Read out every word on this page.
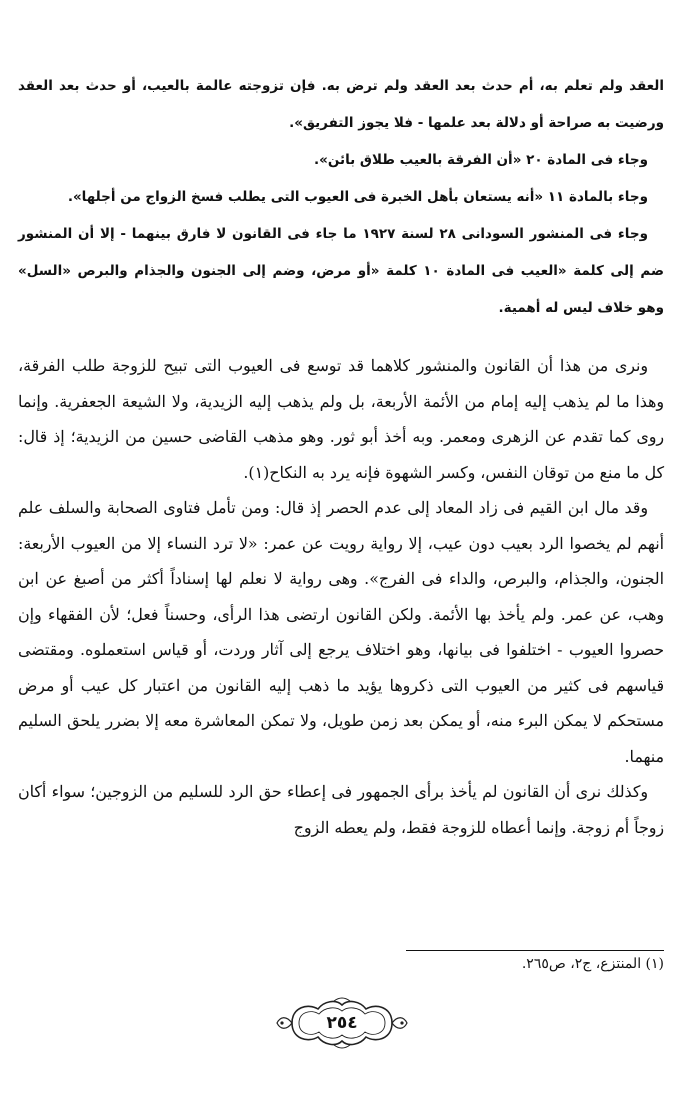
العقد ولم تعلم به، أم حدث بعد العقد ولم ترض به. فإن تزوجته عالمة بالعيب، أو حدث بعد العقد ورضيت به صراحة أو دلالة بعد علمها - فلا يجوز التفريق».

وجاء فى المادة ٢٠ «أن الفرقة بالعيب طلاق بائن».

وجاء بالمادة ١١ «أنه يستعان بأهل الخبرة فى العيوب التى يطلب فسخ الزواج من أجلها».

وجاء فى المنشور السودانى ٢٨ لسنة ١٩٢٧ ما جاء فى القانون لا فارق بينهما - إلا أن المنشور ضم إلى كلمة «العيب فى المادة ١٠ كلمة «أو مرض، وضم إلى الجنون والجذام والبرص «السل» وهو خلاف ليس له أهمية.

ونرى من هذا أن القانون والمنشور كلاهما قد توسع فى العيوب التى تبيح للزوجة طلب الفرقة، وهذا ما لم يذهب إليه إمام من الأئمة الأربعة، بل ولم يذهب إليه الزيدية، ولا الشيعة الجعفرية. وإنما روى كما تقدم عن الزهرى ومعمر. وبه أخذ أبو ثور. وهو مذهب القاضى حسين من الزيدية؛ إذ قال: كل ما منع من توقان النفس، وكسر الشهوة فإنه يرد به النكاح(١).

وقد مال ابن القيم فى زاد المعاد إلى عدم الحصر إذ قال: ومن تأمل فتاوى الصحابة والسلف علم أنهم لم يخصوا الرد بعيب دون عيب، إلا رواية رويت عن عمر: «لا ترد النساء إلا من العيوب الأربعة: الجنون، والجذام، والبرص، والداء فى الفرج». وهى رواية لا نعلم لها إسناداً أكثر من أصبغ عن ابن وهب، عن عمر. ولم يأخذ بها الأئمة. ولكن القانون ارتضى هذا الرأى، وحسناً فعل؛ لأن الفقهاء وإن حصروا العيوب - اختلفوا فى بيانها، وهو اختلاف يرجع إلى آثار وردت، أو قياس استعملوه. ومقتضى قياسهم فى كثير من العيوب التى ذكروها يؤيد ما ذهب إليه القانون من اعتبار كل عيب أو مرض مستحكم لا يمكن البرء منه، أو يمكن بعد زمن طويل، ولا تمكن المعاشرة معه إلا بضرر يلحق السليم منهما.

وكذلك نرى أن القانون لم يأخذ برأى الجمهور فى إعطاء حق الرد للسليم من الزوجين؛ سواء أكان زوجاً أم زوجة. وإنما أعطاه للزوجة فقط، ولم يعطه الزوج

(١) المنتزع، ج٢، ص٢٦٥.
٢٥٤
